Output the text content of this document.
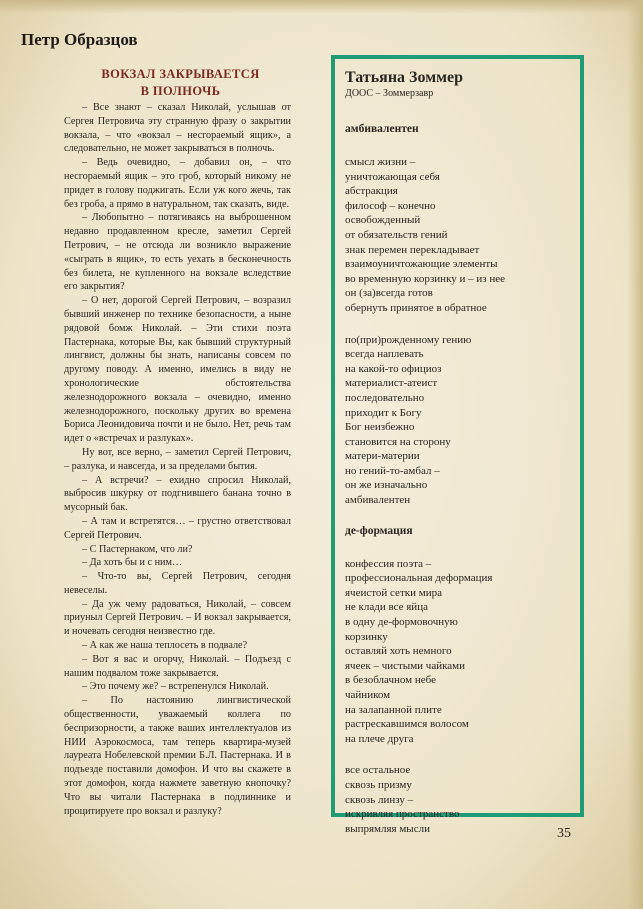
Петр Образцов
ВОКЗАЛ ЗАКРЫВАЕТСЯ
В ПОЛНОЧЬ

– Все знают – сказал Николай, услышав от Сергея Петровича эту странную фразу о закрытии вокзала, – что «вокзал – несгораемый ящик», а следовательно, не может закрываться в полночь.

– Ведь очевидно, – добавил он, – что несгораемый ящик – это гроб, который никому не придет в голову поджигать. Если уж кого жечь, так без гроба, а прямо в натуральном, так сказать, виде.

– Любопытно – потягиваясь на выброшенном недавно продавленном кресле, заметил Сергей Петрович, – не отсюда ли возникло выражение «сыграть в ящик», то есть уехать в бесконечность без билета, не купленного на вокзале вследствие его закрытия?

– О нет, дорогой Сергей Петрович, – возразил бывший инженер по технике безопасности, а ныне рядовой бомж Николай. – Эти стихи поэта Пастернака, которые Вы, как бывший структурный лингвист, должны бы знать, написаны совсем по другому поводу. А именно, имелись в виду не хронологические обстоятельства железнодорожного вокзала – очевидно, именно железнодорожного, поскольку других во времена Бориса Леонидовича почти и не было. Нет, речь там идет о «встречах и разлуках».

Ну вот, все верно, – заметил Сергей Петрович, – разлука, и навсегда, и за пределами бытия.

– А встречи? – ехидно спросил Николай, выбросив шкурку от подгнившего банана точно в мусорный бак.

– А там и встретятся… – грустно ответствовал Сергей Петрович.

– С Пастернаком, что ли?

– Да хоть бы и с ним…

– Что-то вы, Сергей Петрович, сегодня невеселы.

– Да уж чему радоваться, Николай, – совсем приуныл Сергей Петрович. – И вокзал закрывается, и ночевать сегодня неизвестно где.

– А как же наша теплосеть в подвале?

– Вот я вас и огорчу, Николай. – Подъезд с нашим подвалом тоже закрывается.

– Это почему же? – встрепенулся Николай.

– По настоянию лингвистической общественности, уважаемый коллега по беспризорности, а также ваших интеллектуалов из НИИ Аэрокосмоса, там теперь квартира-музей лауреата Нобелевской премии Б.Л. Пастернака. И в подъезде поставили домофон. И что вы скажете в этот домофон, когда нажмете заветную кнопочку? Что вы читали Пастернака в подлиннике и процитируете про вокзал и разлуку?

Татьяна Зоммер
ДООС – Зоммерзавр
амбивалентен
смысл жизни –
уничтожающая себя
абстракция
философ – конечно
освобожденный
от обязательств гений
знак перемен перекладывает
взаимоуничтожающие элементы
во временную корзинку и – из нее
он (за)всегда готов
обернуть принятое в обратное
по(при)рожденному гению
всегда наплевать
на какой-то официоз
материалист-атеист
последовательно
приходит к Богу
Бог неизбежно
становится на сторону
матери-материи
но гений-то-амбал –
он же изначально
амбивалентен
де-формация
конфессия поэта –
профессиональная деформация
ячеистой сетки мира
не клади все яйца
в одну де-формовочную
корзинку
оставляй хоть немного
ячеек – чистыми чайками
в безоблачном небе
чайником
на залапанной плите
растрескавшимся волосом
на плече друга
все остальное
сквозь призму
сквозь линзу –
искривляя пространство
выпрямляя мысли	35
